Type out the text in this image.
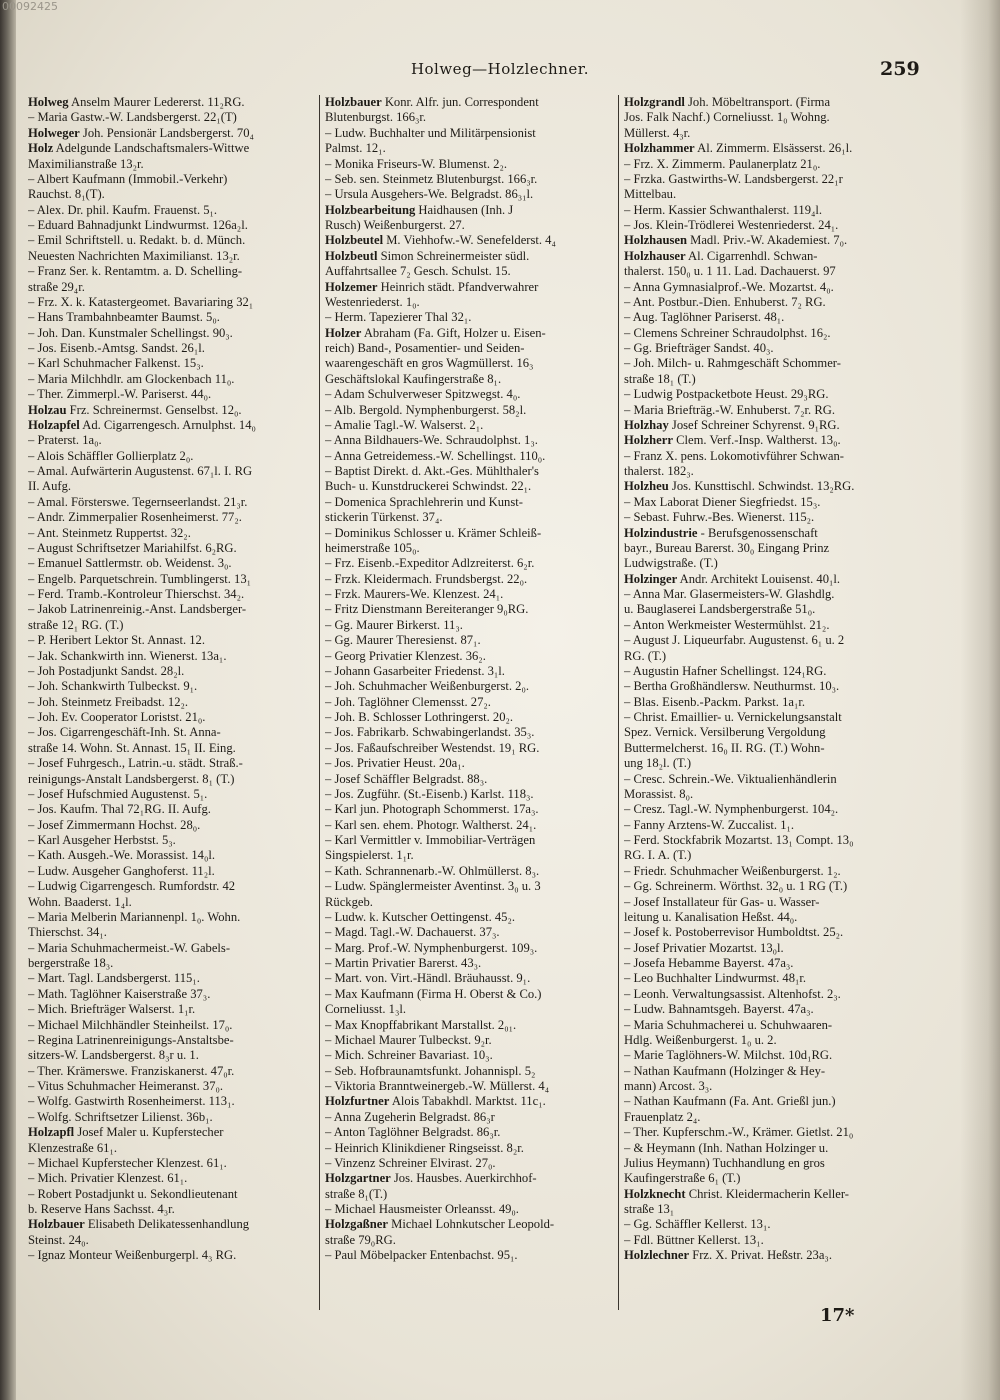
00092425
Holweg—Holzlechner.	259
Holweg Anselm Maurer Ledererst. 11₂RG.
– Maria Gastw.-W. Landsbergerst. 22₁(T)
Holweger Joh. Pensionär Landsbergerst. 70₄
Holz Adelgunde Landschaftsmalers-Wittwe
Maximilianstraße 13₂r.
– Albert Kaufmann (Immobil.-Verkehr)
Rauchst. 8₁(T).
– Alex. Dr. phil. Kaufm. Frauenst. 5₁.
– Eduard Bahnadjunkt Lindwurmst. 126a₂l.
– Emil Schriftstell. u. Redakt. b. d. Münch.
Neuesten Nachrichten Maximilianst. 13₂r.
– Franz Ser. k. Rentamtm. a. D. Schelling-
straße 29₄r.
– Frz. X. k. Katastergeomet. Bavariaring 32₁
– Hans Trambahnbeamter Baumst. 5₀.
– Joh. Dan. Kunstmaler Schellingst. 90₃.
– Jos. Eisenb.-Amtsg. Sandst. 26₁l.
– Karl Schuhmacher Falkenst. 15₃.
– Maria Milchhdlr. am Glockenbach 11₀.
– Ther. Zimmerpl.-W. Pariserst. 44₀.
Holzau Frz. Schreinermst. Genselbst. 12₀.
Holzapfel Ad. Cigarrengesch. Arnulphst. 14₀
– Praterst. 1a₀.
– Alois Schäffler Gollierplatz 2₀.
– Amal. Aufwärterin Augustenst. 67₁l. I. RG
II. Aufg.
– Amal. Försterswe. Tegernseerlandst. 21₃r.
– Andr. Zimmerpalier Rosenheimerst. 77₂.
– Ant. Steinmetz Ruppertst. 32₂.
– August Schriftsetzer Mariahilfst. 6₂RG.
– Emanuel Sattlermstr. ob. Weidenst. 3₀.
– Engelb. Parquetschrein. Tumblingerst. 13₁
– Ferd. Tramb.-Kontroleur Thierschst. 34₂.
– Jakob Latrinenreinig.-Anst. Landsberger-
straße 12₁ RG. (T.)
– P. Heribert Lektor St. Annast. 12.
– Jak. Schankwirth inn. Wienerst. 13a₁.
– Joh Postadjunkt Sandst. 28₂l.
– Joh. Schankwirth Tulbeckst. 9₁.
– Joh. Steinmetz Freibadst. 12₂.
– Joh. Ev. Cooperator Loristst. 21₀.
– Jos. Cigarrengeschäft-Inh. St. Anna-
straße 14. Wohn. St. Annast. 15₁ II. Eing.
– Josef Fuhrgesch., Latrin.-u. städt. Straß.-
reinigungs-Anstalt Landsbergerst. 8₁ (T.)
– Josef Hufschmied Augustenst. 5₁.
– Jos. Kaufm. Thal 72₁RG. II. Aufg.
– Josef Zimmermann Hochst. 28₀.
– Karl Ausgeher Herbstst. 5₃.
– Kath. Ausgeh.-We. Morassist. 14₀l.
– Ludw. Ausgeher Ganghoferst. 11₂l.
– Ludwig Cigarrengesch. Rumfordstr. 42
Wohn. Baaderst. 1₄l.
– Maria Melberin Mariannenpl. 1₀. Wohn.
Thierschst. 34₁.
– Maria Schuhmachermeist.-W. Gabels-
bergerstraße 18₃.
– Mart. Tagl. Landsbergerst. 115₁.
– Math. Taglöhner Kaiserstraße 37₃.
– Mich. Briefträger Walserst. 1₁r.
– Michael Milchhändler Steinheilst. 17₀.
– Regina Latrinenreinigungs-Anstaltsbe-
sitzers-W. Landsbergerst. 8₃r u. 1.
– Ther. Krämerswe. Franziskanerst. 47₀r.
– Vitus Schuhmacher Heimeranst. 37₀.
– Wolfg. Gastwirth Rosenheimerst. 113₁.
– Wolfg. Schriftsetzer Lilienst. 36b₁.
Holzapfl Josef Maler u. Kupferstecher
Klenzestraße 61₁.
– Michael Kupferstecher Klenzest. 61₁.
– Mich. Privatier Klenzest. 61₁.
– Robert Postadjunkt u. Sekondlieutenant
b. Reserve Hans Sachsst. 4₃r.
Holzbauer Elisabeth Delikatessenhandlung
Steinst. 24₀.
– Ignaz Monteur Weißenburgerpl. 4₃ RG.
Holzbauer Konr. Alfr. jun. Correspondent
Blutenburgst. 166₃r.
– Ludw. Buchhalter und Militärpensionist
Palmst. 12₁.
– Monika Friseurs-W. Blumenst. 2₂.
– Seb. sen. Steinmetz Blutenburgst. 166₃r.
– Ursula Ausgehers-We. Belgradst. 86₃₁l.
Holzbearbeitung Haidhausen (Inh. J
Rusch) Weißenburgerst. 27.
Holzbeutel M. Viehhofw.-W. Senefelderst. 4₄
Holzbeutl Simon Schreinermeister südl.
Auffahrtsallee 7₂ Gesch. Schulst. 15.
Holzemer Heinrich städt. Pfandverwahrer
Westenriederst. 1₀.
– Herm. Tapezierer Thal 32₁.
Holzer Abraham (Fa. Gift, Holzer u. Eisen-
reich) Band-, Posamentier- und Seiden-
waarengeschäft en gros Wagmüllerst. 16₃
Geschäftslokal Kaufingerstraße 8₁.
– Adam Schulverweser Spitzwegst. 4₀.
– Alb. Bergold. Nymphenburgerst. 58₂l.
– Amalie Tagl.-W. Walserst. 2₁.
– Anna Bildhauers-We. Schraudolphst. 1₃.
– Anna Getreidemess.-W. Schellingst. 110₀.
– Baptist Direkt. d. Akt.-Ges. Mühlthaler's
Buch- u. Kunstdruckerei Schwindst. 22₁.
– Domenica Sprachlehrerin und Kunst-
stickerin Türkenst. 37₄.
– Dominikus Schlosser u. Krämer Schleiß-
heimerstraße 105₀.
– Frz. Eisenb.-Expeditor Adlzreiterst. 6₂r.
– Frzk. Kleidermach. Frundsbergst. 22₀.
– Frzk. Maurers-We. Klenzest. 24₁.
– Fritz Dienstmann Bereiteranger 9₀RG.
– Gg. Maurer Birkerst. 11₃.
– Gg. Maurer Theresienst. 87₁.
– Georg Privatier Klenzest. 36₂.
– Johann Gasarbeiter Friedenst. 3₁l.
– Joh. Schuhmacher Weißenburgerst. 2₀.
– Joh. Taglöhner Clemensst. 27₂.
– Joh. B. Schlosser Lothringerst. 20₂.
– Jos. Fabrikarb. Schwabingerlandst. 35₃.
– Jos. Faßaufschreiber Westendst. 19₁ RG.
– Jos. Privatier Heust. 20a₁.
– Josef Schäffler Belgradst. 88₃.
– Jos. Zugführ. (St.-Eisenb.) Karlst. 118₃.
– Karl jun. Photograph Schommerst. 17a₃.
– Karl sen. ehem. Photogr. Waltherst. 24₁.
– Karl Vermittler v. Immobiliar-Verträgen
Singspielerst. 1₁r.
– Kath. Schrannenarb.-W. Ohlmüllerst. 8₃.
– Ludw. Spänglermeister Aventinst. 3₀ u. 3
Rückgeb.
– Ludw. k. Kutscher Oettingenst. 45₂.
– Magd. Tagl.-W. Dachauerst. 37₃.
– Marg. Prof.-W. Nymphenburgerst. 109₃.
– Martin Privatier Barerst. 43₃.
– Mart. von. Virt.-Händl. Bräuhausst. 9₁.
– Max Kaufmann (Firma H. Oberst & Co.)
Corneliusst. 1₃l.
– Max Knopffabrikant Marstallst. 2₀₁.
– Michael Maurer Tulbeckst. 9₂r.
– Mich. Schreiner Bavariast. 10₃.
– Seb. Hofbraunamtsfunkt. Johannispl. 5₂
– Viktoria Branntweinergeb.-W. Müllerst. 4₄
Holzfurtner Alois Tabakhdl. Marktst. 11c₁.
– Anna Zugeherin Belgradst. 86₃r
– Anton Taglöhner Belgradst. 86₃r.
– Heinrich Klinikdiener Ringseisst. 8₂r.
– Vinzenz Schreiner Elvirast. 27₀.
Holzgartner Jos. Hausbes. Auerkirchhof-
straße 8₁(T.)
– Michael Hausmeister Orleansst. 49₀.
Holzgaßner Michael Lohnkutscher Leopold-
straße 79₀RG.
– Paul Möbelpacker Entenbachst. 95₁.
Holzgrandl Joh. Möbeltransport. (Firma
Jos. Falk Nachf.) Corneliusst. 1₀ Wohng.
Müllerst. 4₃r.
Holzhammer Al. Zimmerm. Elsässerst. 26₁l.
– Frz. X. Zimmerm. Paulanerplatz 21₀.
– Frzka. Gastwirths-W. Landsbergerst. 22₁r
Mittelbau.
– Herm. Kassier Schwanthalerst. 119₄l.
– Jos. Klein-Trödlerei Westenriederst. 24₁.
Holzhausen Madl. Priv.-W. Akademiest. 7₀.
Holzhauser Al. Cigarrenhdl. Schwan-
thalerst. 150₀ u. 1 11. Lad. Dachauerst. 97
– Anna Gymnasialprof.-We. Mozartst. 4₀.
– Ant. Postbur.-Dien. Enhuberst. 7₂ RG.
– Aug. Taglöhner Pariserst. 48₁.
– Clemens Schreiner Schraudolphst. 16₂.
– Gg. Briefträger Sandst. 40₃.
– Joh. Milch- u. Rahmgeschäft Schommer-
straße 18₁ (T.)
– Ludwig Postpacketbote Heust. 29₃RG.
– Maria Briefträg.-W. Enhuberst. 7₂r. RG.
Holzhay Josef Schreiner Schyrenst. 9₁RG.
Holzherr Clem. Verf.-Insp. Waltherst. 13₀.
– Franz X. pens. Lokomotivführer Schwan-
thalerst. 182₃.
Holzheu Jos. Kunsttischl. Schwindst. 13₂RG.
– Max Laborat Diener Siegfriedst. 15₃.
– Sebast. Fuhrw.-Bes. Wienerst. 115₂.
Holzindustrie - Berufsgenossenschaft
bayr., Bureau Barerst. 30₀ Eingang Prinz
Ludwigstraße. (T.)
Holzinger Andr. Architekt Louisenst. 40₁l.
– Anna Mar. Glasermeisters-W. Glashdlg.
u. Bauglaserei Landsbergerstraße 51₀.
– Anton Werkmeister Westermühlst. 21₂.
– August J. Liqueurfabr. Augustenst. 6₁ u. 2
RG. (T.)
– Augustin Hafner Schellingst. 124₁RG.
– Bertha Großhändlersw. Neuthurmst. 10₃.
– Blas. Eisenb.-Packm. Parkst. 1a₁r.
– Christ. Emaillier- u. Vernickelungsanstalt
Spez. Vernick. Versilberung Vergoldung
Buttermelcherst. 16₀ II. RG. (T.) Wohn-
ung 18₂l. (T.)
– Cresc. Schrein.-We. Viktualienhändlerin
Morassist. 8₀.
– Cresz. Tagl.-W. Nymphenburgerst. 104₂.
– Fanny Arztens-W. Zuccalist. 1₁.
– Ferd. Stockfabrik Mozartst. 13₁ Compt. 13₀
RG. I. A. (T.)
– Friedr. Schuhmacher Weißenburgerst. 1₂.
– Gg. Schreinerm. Wörthst. 32₀ u. 1 RG (T.)
– Josef Installateur für Gas- u. Wasser-
leitung u. Kanalisation Heßst. 44₀.
– Josef k. Postoberrevisor Humboldtst. 25₂.
– Josef Privatier Mozartst. 13₀l.
– Josefa Hebamme Bayerst. 47a₃.
– Leo Buchhalter Lindwurmst. 48₁r.
– Leonh. Verwaltungsassist. Altenhofst. 2₃.
– Ludw. Bahnamtsgeh. Bayerst. 47a₃.
– Maria Schuhmacherei u. Schuhwaaren-
Hdlg. Weißenburgerst. 1₀ u. 2.
– Marie Taglöhners-W. Milchst. 10d₁RG.
– Nathan Kaufmann (Holzinger & Hey-
mann) Arcost. 3₃.
– Nathan Kaufmann (Fa. Ant. Grießl jun.)
Frauenplatz 2₄.
– Ther. Kupferschm.-W., Krämer. Gietlst. 21₀
– & Heymann (Inh. Nathan Holzinger u.
Julius Heymann) Tuchhandlung en gros
Kaufingerstraße 6₁ (T.)
Holzknecht Christ. Kleidermacherin Keller-
straße 13₁
– Gg. Schäffler Kellerst. 13₁.
– Fdl. Büttner Kellerst. 13₁.
Holzlechner Frz. X. Privat. Heßstr. 23a₃.
17*
